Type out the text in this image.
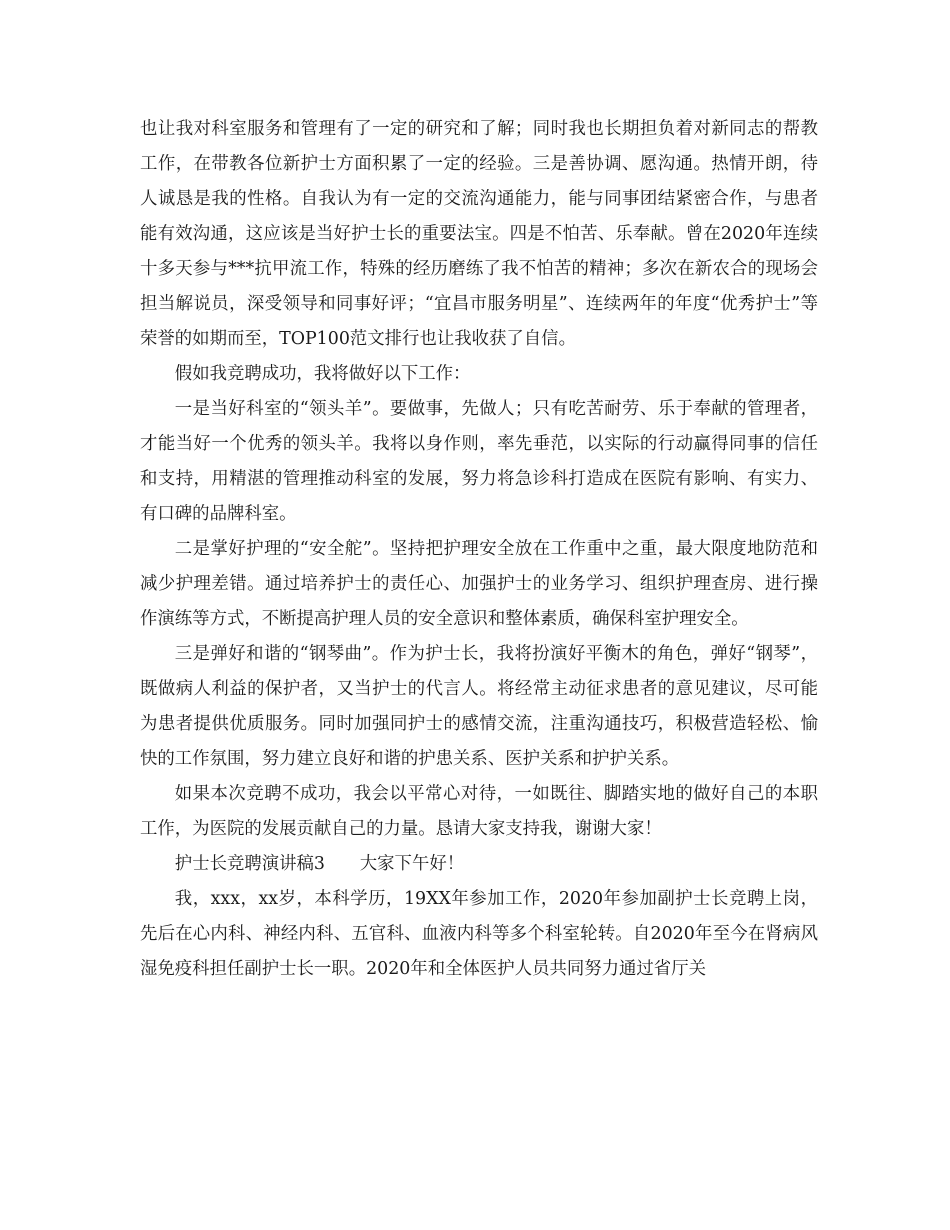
也让我对科室服务和管理有了一定的研究和了解；同时我也长期担负着对新同志的帮教工作，在带教各位新护士方面积累了一定的经验。三是善协调、愿沟通。热情开朗，待人诚恳是我的性格。自我认为有一定的交流沟通能力，能与同事团结紧密合作，与患者能有效沟通，这应该是当好护士长的重要法宝。四是不怕苦、乐奉献。曾在2020年连续十多天参与***抗甲流工作，特殊的经历磨练了我不怕苦的精神；多次在新农合的现场会担当解说员，深受领导和同事好评；“宜昌市服务明星”、连续两年的年度“优秀护士”等荣誉的如期而至，TOP100范文排行也让我收获了自信。

假如我竞聘成功，我将做好以下工作：

一是当好科室的“领头羊”。要做事，先做人；只有吃苦耐劳、乐于奉献的管理者，才能当好一个优秀的领头羊。我将以身作则，率先垂范，以实际的行动赢得同事的信任和支持，用精湛的管理推动科室的发展，努力将急诊科打造成在医院有影响、有实力、有口碑的品牌科室。

二是掌好护理的“安全舵”。坚持把护理安全放在工作重中之重，最大限度地防范和减少护理差错。通过培养护士的责任心、加强护士的业务学习、组织护理查房、进行操作演练等方式，不断提高护理人员的安全意识和整体素质，确保科室护理安全。

三是弹好和谐的“钢琴曲”。作为护士长，我将扮演好平衡木的角色，弹好“钢琴”，既做病人利益的保护者，又当护士的代言人。将经常主动征求患者的意见建议，尽可能为患者提供优质服务。同时加强同护士的感情交流，注重沟通技巧，积极营造轻松、愉快的工作氛围，努力建立良好和谐的护患关系、医护关系和护护关系。

如果本次竞聘不成功，我会以平常心对待，一如既往、脚踏实地的做好自己的本职工作，为医院的发展贡献自己的力量。恳请大家支持我，谢谢大家！

护士长竞聘演讲稿3　　大家下午好！

我，xxx，xx岁，本科学历，19XX年参加工作，2020年参加副护士长竞聘上岗，先后在心内科、神经内科、五官科、血液内科等多个科室轮转。自2020年至今在肾病风湿免疫科担任副护士长一职。2020年和全体医护人员共同努力通过省厅关
